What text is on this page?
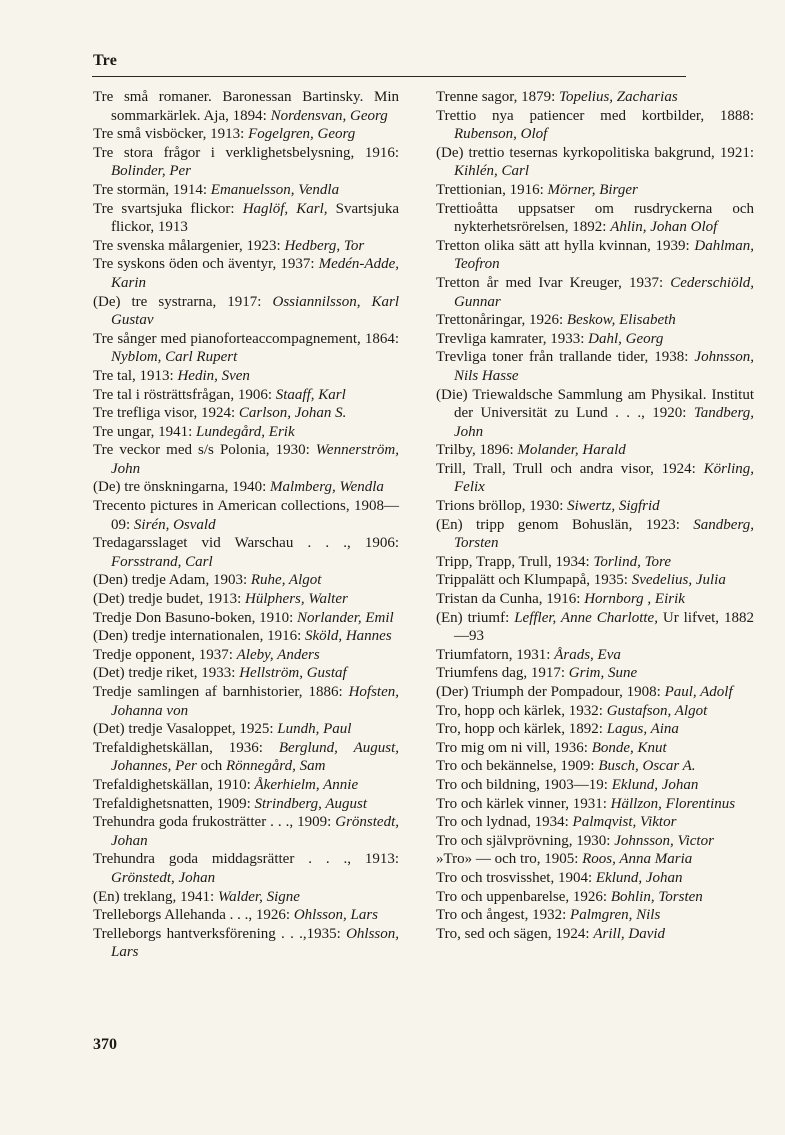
Tre
Tre små romaner. Baronessan Bartinsky. Min sommarkärlek. Aja, 1894: Nordensvan, Georg
Tre små visböcker, 1913: Fogelgren, Georg
Tre stora frågor i verklighetsbelysning, 1916: Bolinder, Per
Tre stormän, 1914: Emanuelsson, Vendla
Tre svartsjuka flickor: Haglöf, Karl, Svartsjuka flickor, 1913
Tre svenska målargenier, 1923: Hedberg, Tor
Tre syskons öden och äventyr, 1937: Medén-Adde, Karin
(De) tre systrarna, 1917: Ossiannilsson, Karl Gustav
Tre sånger med pianoforteaccompagnement, 1864: Nyblom, Carl Rupert
Tre tal, 1913: Hedin, Sven
Tre tal i rösträttsfrågan, 1906: Staaff, Karl
Tre trefliga visor, 1924: Carlson, Johan S.
Tre ungar, 1941: Lundegård, Erik
Tre veckor med s/s Polonia, 1930: Wennerström, John
(De) tre önskningarna, 1940: Malmberg, Wendla
Trecento pictures in American collections, 1908—09: Sirén, Osvald
Tredagarsslaget vid Warschau . . ., 1906: Forsstrand, Carl
(Den) tredje Adam, 1903: Ruhe, Algot
(Det) tredje budet, 1913: Hülphers, Walter
Tredje Don Basuno-boken, 1910: Norlander, Emil
(Den) tredje internationalen, 1916: Sköld, Hannes
Tredje opponent, 1937: Aleby, Anders
(Det) tredje riket, 1933: Hellström, Gustaf
Tredje samlingen af barnhistorier, 1886: Hofsten, Johanna von
(Det) tredje Vasaloppet, 1925: Lundh, Paul
Trefaldighetskällan, 1936: Berglund, August, Johannes, Per och Rönnegård, Sam
Trefaldighetskällan, 1910: Åkerhielm, Annie
Trefaldighetsnatten, 1909: Strindberg, August
Trehundra goda frukosträtter . . ., 1909: Grönstedt, Johan
Trehundra goda middagsrätter . . ., 1913: Grönstedt, Johan
(En) treklang, 1941: Walder, Signe
Trelleborgs Allehanda . . ., 1926: Ohlsson, Lars
Trelleborgs hantverksförening . . .,1935: Ohlsson, Lars
Trenne sagor, 1879: Topelius, Zacharias
Trettio nya patiencer med kortbilder, 1888: Rubenson, Olof
(De) trettio tesernas kyrkopolitiska bakgrund, 1921: Kihlén, Carl
Trettionian, 1916: Mörner, Birger
Trettioåtta uppsatser om rusdryckerna och nykterhetsrörelsen, 1892: Ahlin, Johan Olof
Tretton olika sätt att hylla kvinnan, 1939: Dahlman, Teofron
Tretton år med Ivar Kreuger, 1937: Cederschiöld, Gunnar
Trettonåringar, 1926: Beskow, Elisabeth
Trevliga kamrater, 1933: Dahl, Georg
Trevliga toner från trallande tider, 1938: Johnsson, Nils Hasse
(Die) Triewaldsche Sammlung am Physikal. Institut der Universität zu Lund . . ., 1920: Tandberg, John
Trilby, 1896: Molander, Harald
Trill, Trall, Trull och andra visor, 1924: Körling, Felix
Trions bröllop, 1930: Siwertz, Sigfrid
(En) tripp genom Bohuslän, 1923: Sandberg, Torsten
Tripp, Trapp, Trull, 1934: Torlind, Tore
Trippalätt och Klumpapå, 1935: Svedelius, Julia
Tristan da Cunha, 1916: Hornborg , Eirik
(En) triumf: Leffler, Anne Charlotte, Ur lifvet, 1882—93
Triumfatorn, 1931: Årads, Eva
Triumfens dag, 1917: Grim, Sune
(Der) Triumph der Pompadour, 1908: Paul, Adolf
Tro, hopp och kärlek, 1932: Gustafson, Algot
Tro, hopp och kärlek, 1892: Lagus, Aina
Tro mig om ni vill, 1936: Bonde, Knut
Tro och bekännelse, 1909: Busch, Oscar A.
Tro och bildning, 1903—19: Eklund, Johan
Tro och kärlek vinner, 1931: Hällzon, Florentinus
Tro och lydnad, 1934: Palmqvist, Viktor
Tro och självprövning, 1930: Johnsson, Victor
»Tro» — och tro, 1905: Roos, Anna Maria
Tro och trosvisshet, 1904: Eklund, Johan
Tro och uppenbarelse, 1926: Bohlin, Torsten
Tro och ångest, 1932: Palmgren, Nils
Tro, sed och sägen, 1924: Arill, David
370
